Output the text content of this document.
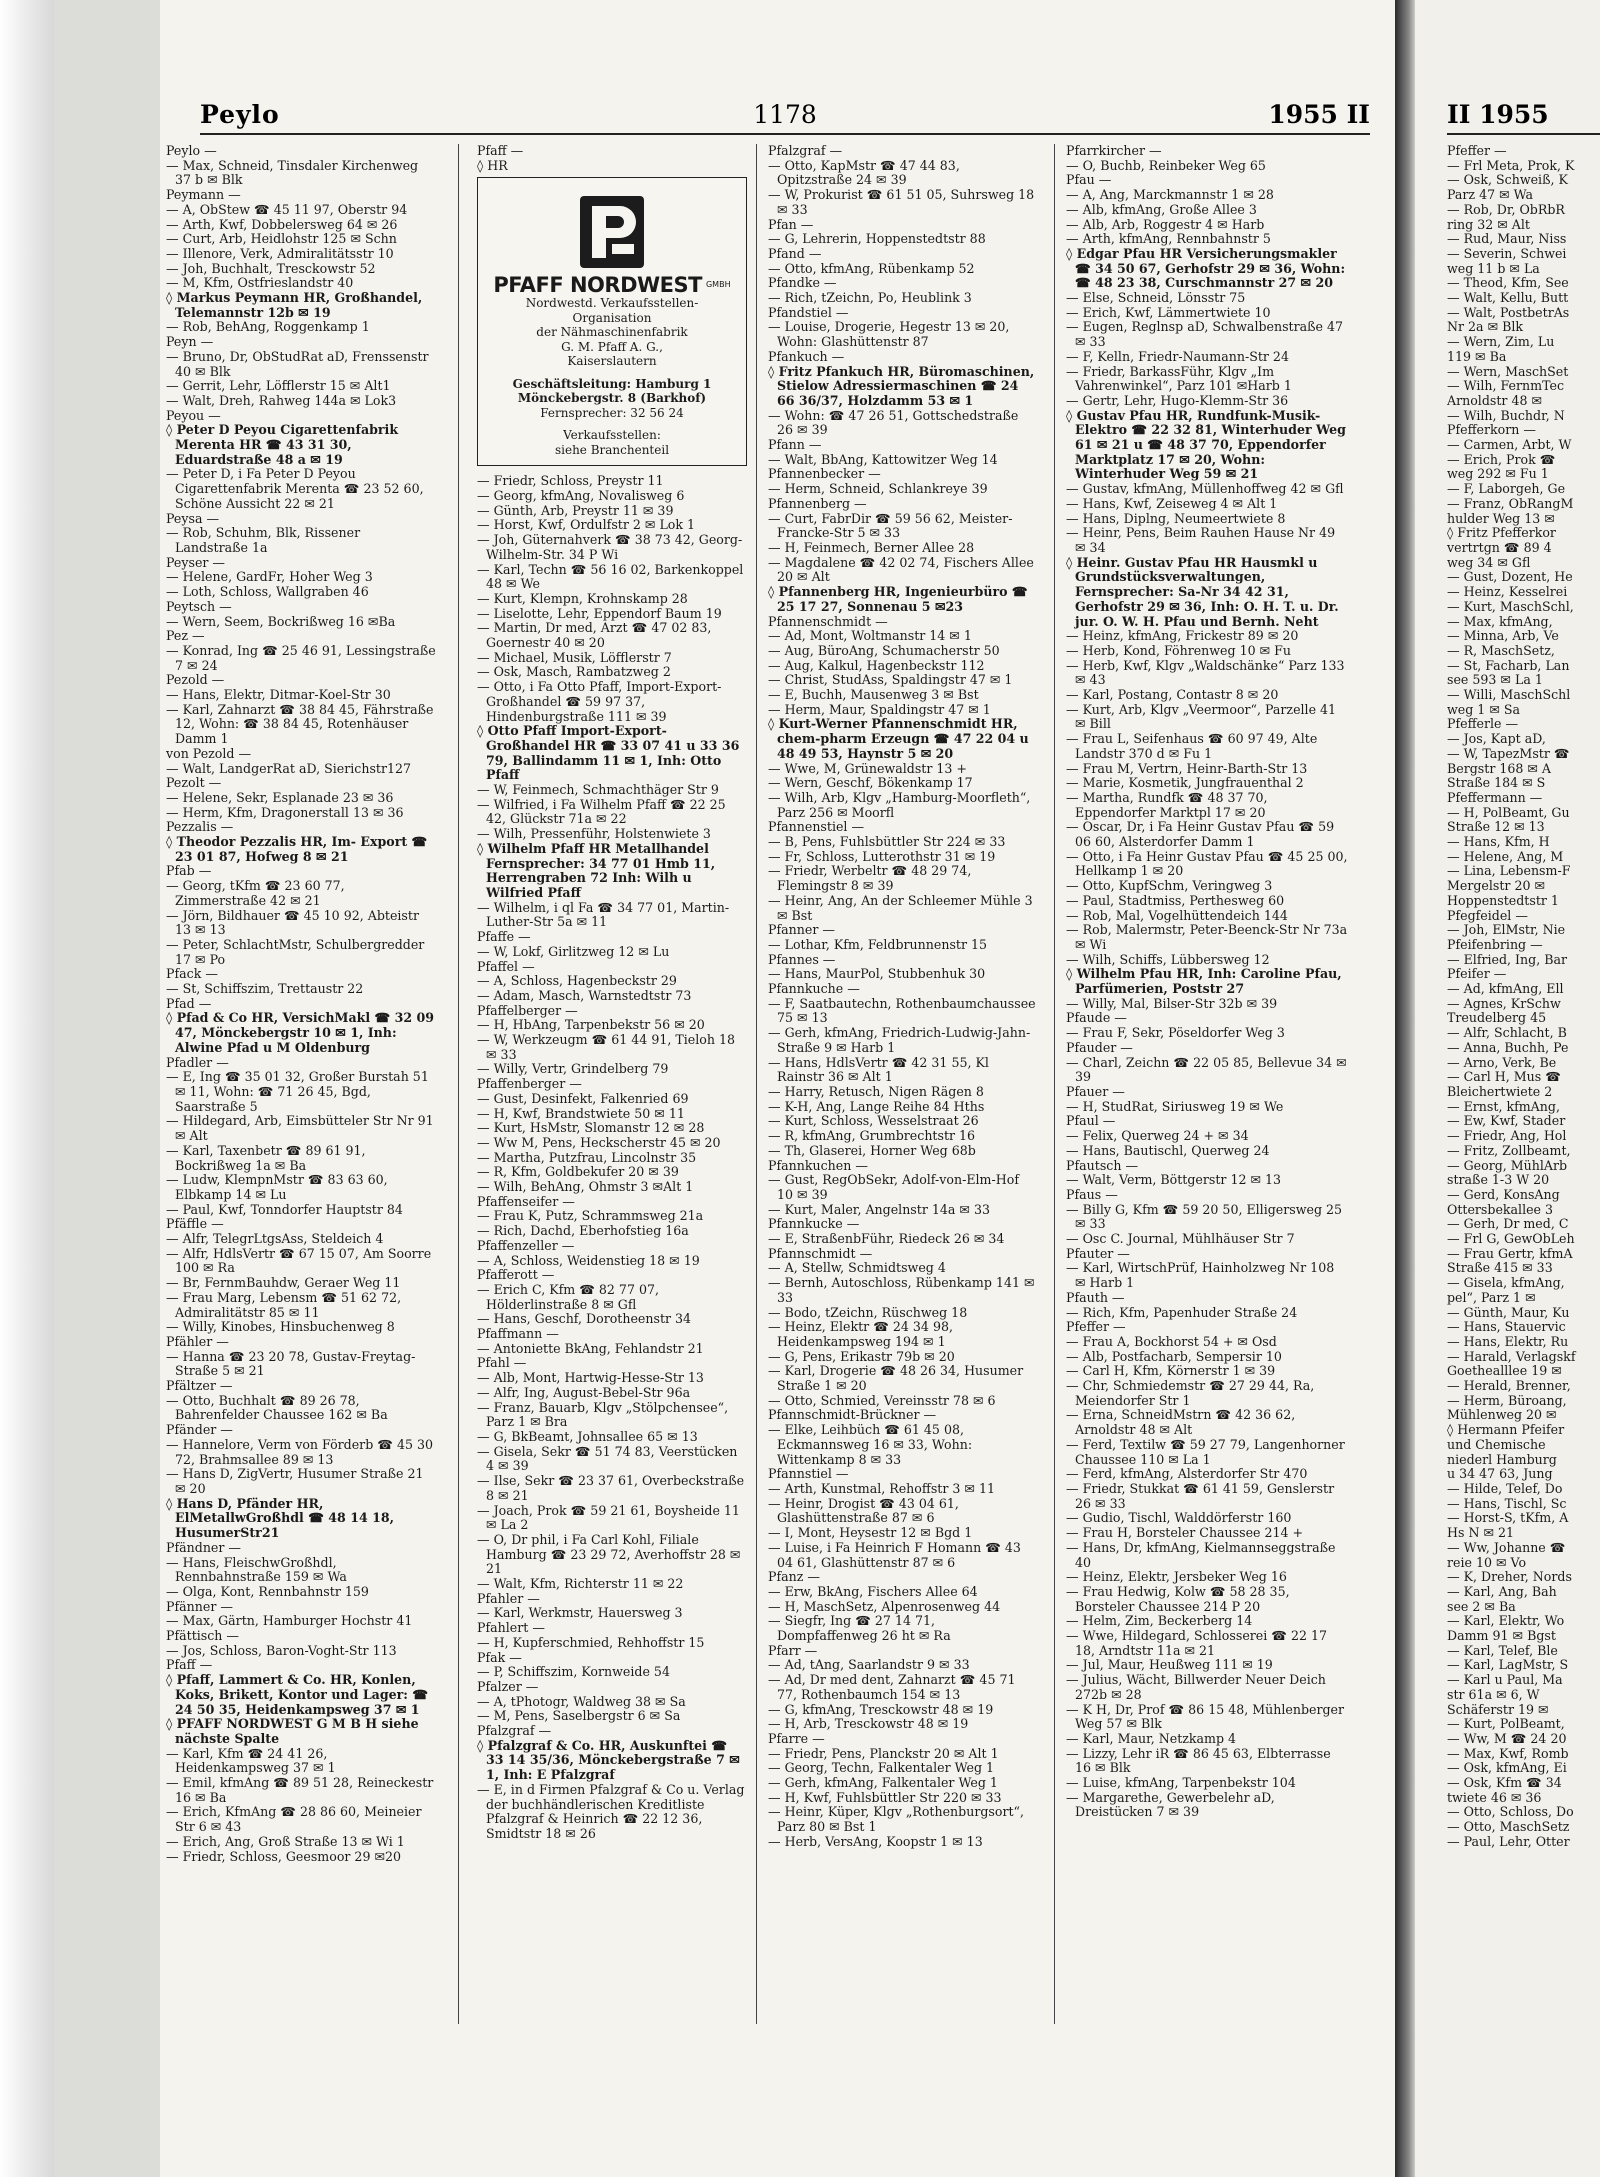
Peylo	1178	1955 II

Peylo —

— Max, Schneid, Tinsdaler Kirchenweg 37 b ✉ Blk

Peymann —

— A, ObStew ☎ 45 11 97, Oberstr 94

— Arth, Kwf, Dobbelersweg 64 ✉ 26

— Curt, Arb, Heidlohstr 125 ✉ Schn

— Illenore, Verk, Admiralitätsstr 10

— Joh, Buchhalt, Tresckowstr 52

— M, Kfm, Ostfrieslandstr 40

◊ Markus Peymann HR, Großhandel, Telemannstr 12b ✉ 19

— Rob, BehAng, Roggenkamp 1

Peyn —

— Bruno, Dr, ObStudRat aD, Frenssenstr 40 ✉ Blk

— Gerrit, Lehr, Löfflerstr 15 ✉ Alt1

— Walt, Dreh, Rahweg 144a ✉ Lok3

Peyou —

◊ Peter D Peyou Cigarettenfabrik Merenta HR ☎ 43 31 30, Eduardstraße 48 a ✉ 19

— Peter D, i Fa Peter D Peyou Cigarettenfabrik Merenta ☎ 23 52 60, Schöne Aussicht 22 ✉ 21

Peysa —

— Rob, Schuhm, Blk, Rissener Landstraße 1a

Peyser —

— Helene, GardFr, Hoher Weg 3

— Loth, Schloss, Wallgraben 46

Peytsch —

— Wern, Seem, Bockrißweg 16 ✉Ba

Pez —

— Konrad, Ing ☎ 25 46 91, Lessingstraße 7 ✉ 24

Pezold —

— Hans, Elektr, Ditmar-Koel-Str 30

— Karl, Zahnarzt ☎ 38 84 45, Fährstraße 12, Wohn: ☎ 38 84 45, Rotenhäuser Damm 1

von Pezold —

— Walt, LandgerRat aD, Sierichstr127

Pezolt —

— Helene, Sekr, Esplanade 23 ✉ 36

— Herm, Kfm, Dragonerstall 13 ✉ 36

Pezzalis —

◊ Theodor Pezzalis HR, Im- Export ☎ 23 01 87, Hofweg 8 ✉ 21

Pfab —

— Georg, tKfm ☎ 23 60 77, Zimmerstraße 42 ✉ 21

— Jörn, Bildhauer ☎ 45 10 92, Abteistr 13 ✉ 13

— Peter, SchlachtMstr, Schulbergredder 17 ✉ Po

Pfack —

— St, Schiffszim, Trettaustr 22

Pfad —

◊ Pfad & Co HR, VersichMakl ☎ 32 09 47, Mönckebergstr 10 ✉ 1, Inh: Alwine Pfad u M Oldenburg

Pfadler —

— E, Ing ☎ 35 01 32, Großer Burstah 51 ✉ 11, Wohn: ☎ 71 26 45, Bgd, Saarstraße 5

— Hildegard, Arb, Eimsbütteler Str Nr 91 ✉ Alt

— Karl, Taxenbetr ☎ 89 61 91, Bockrißweg 1a ✉ Ba

— Ludw, KlempnMstr ☎ 83 63 60, Elbkamp 14 ✉ Lu

— Paul, Kwf, Tonndorfer Hauptstr 84

Pfäffle —

— Alfr, TelegrLtgsAss, Steldeich 4

— Alfr, HdlsVertr ☎ 67 15 07, Am Soorre 100 ✉ Ra

— Br, FernmBauhdw, Geraer Weg 11

— Frau Marg, Lebensm ☎ 51 62 72, Admiralitätstr 85 ✉ 11

— Willy, Kinobes, Hinsbuchenweg 8

Pfähler —

— Hanna ☎ 23 20 78, Gustav-Freytag-Straße 5 ✉ 21

Pfältzer —

— Otto, Buchhalt ☎ 89 26 78, Bahrenfelder Chaussee 162 ✉ Ba

Pfänder —

— Hannelore, Verm von Förderb ☎ 45 30 72, Brahmsallee 89 ✉ 13

— Hans D, ZigVertr, Husumer Straße 21 ✉ 20

◊ Hans D, Pfänder HR, ElMetallwGroßhdl ☎ 48 14 18, HusumerStr21

Pfändner —

— Hans, FleischwGroßhdl, Rennbahnstraße 159 ✉ Wa

— Olga, Kont, Rennbahnstr 159

Pfänner —

— Max, Gärtn, Hamburger Hochstr 41

Pfättisch —

— Jos, Schloss, Baron-Voght-Str 113

Pfaff —

◊ Pfaff, Lammert & Co. HR, Konlen, Koks, Brikett, Kontor und Lager: ☎ 24 50 35, Heidenkampsweg 37 ✉ 1

◊ PFAFF NORDWEST G M B H siehe nächste Spalte

— Karl, Kfm ☎ 24 41 26, Heidenkampsweg 37 ✉ 1

— Emil, kfmAng ☎ 89 51 28, Reineckestr 16 ✉ Ba

— Erich, KfmAng ☎ 28 86 60, Meineier Str 6 ✉ 43

— Erich, Ang, Groß Straße 13 ✉ Wi 1

— Friedr, Schloss, Geesmoor 29 ✉20

Pfaff —

◊ HR

PFAFF NORDWEST $^{GMBH}$
Nordwestd. Verkaufsstellen-
Organisation
der Nähmaschinenfabrik
G. M. Pfaff A. G.,
Kaiserslautern
Geschäftsleitung: Hamburg 1
Mönckebergstr. 8 (Barkhof)
Fernsprecher: 32 56 24
Verkaufsstellen:
siehe Branchenteil

— Friedr, Schloss, Preystr 11

— Georg, kfmAng, Novalisweg 6

— Günth, Arb, Preystr 11 ✉ 39

— Horst, Kwf, Ordulfstr 2 ✉ Lok 1

— Joh, Güternahverk ☎ 38 73 42, Georg-Wilhelm-Str. 34 P Wi

— Karl, Techn ☎ 56 16 02, Barkenkoppel 48 ✉ We

— Kurt, Klempn, Krohnskamp 28

— Liselotte, Lehr, Eppendorf Baum 19

— Martin, Dr med, Arzt ☎ 47 02 83, Goernestr 40 ✉ 20

— Michael, Musik, Löfflerstr 7

— Osk, Masch, Rambatzweg 2

— Otto, i Fa Otto Pfaff, Import-Export-Großhandel ☎ 59 97 37, Hindenburgstraße 111 ✉ 39

◊ Otto Pfaff Import-Export-Großhandel HR ☎ 33 07 41 u 33 36 79, Ballindamm 11 ✉ 1, Inh: Otto Pfaff

— W, Feinmech, Schmachthäger Str 9

— Wilfried, i Fa Wilhelm Pfaff ☎ 22 25 42, Glückstr 71a ✉ 22

— Wilh, Pressenführ, Holstenwiete 3

◊ Wilhelm Pfaff HR Metallhandel Fernsprecher: 34 77 01 Hmb 11, Herrengraben 72 Inh: Wilh u Wilfried Pfaff

— Wilhelm, i ql Fa ☎ 34 77 01, Martin-Luther-Str 5a ✉ 11

Pfaffe —

— W, Lokf, Girlitzweg 12 ✉ Lu

Pfaffel —

— A, Schloss, Hagenbeckstr 29

— Adam, Masch, Warnstedtstr 73

Pfaffelberger —

— H, HbAng, Tarpenbekstr 56 ✉ 20

— W, Werkzeugm ☎ 61 44 91, Tieloh 18 ✉ 33

— Willy, Vertr, Grindelberg 79

Pfaffenberger —

— Gust, Desinfekt, Falkenried 69

— H, Kwf, Brandstwiete 50 ✉ 11

— Kurt, HsMstr, Slomanstr 12 ✉ 28

— Ww M, Pens, Heckscherstr 45 ✉ 20

— Martha, Putzfrau, Lincolnstr 35

— R, Kfm, Goldbekufer 20 ✉ 39

— Wilh, BehAng, Ohmstr 3 ✉Alt 1

Pfaffenseifer —

— Frau K, Putz, Schrammsweg 21a

— Rich, Dachd, Eberhofstieg 16a

Pfaffenzeller —

— A, Schloss, Weidenstieg 18 ✉ 19

Pfafferott —

— Erich C, Kfm ☎ 82 77 07, Hölderlinstraße 8 ✉ Gfl

— Hans, Geschf, Dorotheenstr 34

Pfaffmann —

— Antoniette BkAng, Fehlandstr 21

Pfahl —

— Alb, Mont, Hartwig-Hesse-Str 13

— Alfr, Ing, August-Bebel-Str 96a

— Franz, Bauarb, Klgv „Stölpchensee“, Parz 1 ✉ Bra

— G, BkBeamt, Johnsallee 65 ✉ 13

— Gisela, Sekr ☎ 51 74 83, Veerstücken 4 ✉ 39

— Ilse, Sekr ☎ 23 37 61, Overbeckstraße 8 ✉ 21

— Joach, Prok ☎ 59 21 61, Boysheide 11 ✉ La 2

— O, Dr phil, i Fa Carl Kohl, Filiale Hamburg ☎ 23 29 72, Averhoffstr 28 ✉ 21

— Walt, Kfm, Richterstr 11 ✉ 22

Pfahler —

— Karl, Werkmstr, Hauersweg 3

Pfahlert —

— H, Kupferschmied, Rehhoffstr 15

Pfak —

— P, Schiffszim, Kornweide 54

Pfalzer —

— A, tPhotogr, Waldweg 38 ✉ Sa

— M, Pens, Saselbergstr 6 ✉ Sa

Pfalzgraf —

◊ Pfalzgraf & Co. HR, Auskunftei ☎ 33 14 35/36, Mönckebergstraße 7 ✉ 1, Inh: E Pfalzgraf

— E, in d Firmen Pfalzgraf & Co u. Verlag der buchhändlerischen Kreditliste Pfalzgraf & Heinrich ☎ 22 12 36, Smidtstr 18 ✉ 26

Pfalzgraf —

— Otto, KapMstr ☎ 47 44 83, Opitzstraße 24 ✉ 39

— W, Prokurist ☎ 61 51 05, Suhrsweg 18 ✉ 33

Pfan —

— G, Lehrerin, Hoppenstedtstr 88

Pfand —

— Otto, kfmAng, Rübenkamp 52

Pfandke —

— Rich, tZeichn, Po, Heublink 3

Pfandstiel —

— Louise, Drogerie, Hegestr 13 ✉ 20, Wohn: Glashüttenstr 87

Pfankuch —

◊ Fritz Pfankuch HR, Büromaschinen, Stielow Adressiermaschinen ☎ 24 66 36/37, Holzdamm 53 ✉ 1

— Wohn: ☎ 47 26 51, Gottschedstraße 26 ✉ 39

Pfann —

— Walt, BbAng, Kattowitzer Weg 14

Pfannenbecker —

— Herm, Schneid, Schlankreye 39

Pfannenberg —

— Curt, FabrDir ☎ 59 56 62, Meister-Francke-Str 5 ✉ 33

— H, Feinmech, Berner Allee 28

— Magdalene ☎ 42 02 74, Fischers Allee 20 ✉ Alt

◊ Pfannenberg HR, Ingenieurbüro ☎ 25 17 27, Sonnenau 5 ✉23

Pfannenschmidt —

— Ad, Mont, Woltmanstr 14 ✉ 1

— Aug, BüroAng, Schumacherstr 50

— Aug, Kalkul, Hagenbeckstr 112

— Christ, StudAss, Spaldingstr 47 ✉ 1

— E, Buchh, Mausenweg 3 ✉ Bst

— Herm, Maur, Spaldingstr 47 ✉ 1

◊ Kurt-Werner Pfannenschmidt HR, chem-pharm Erzeugn ☎ 47 22 04 u 48 49 53, Haynstr 5 ✉ 20

— Wwe, M, Grünewaldstr 13 +

— Wern, Geschf, Bökenkamp 17

— Wilh, Arb, Klgv „Hamburg-Moorfleth“, Parz 256 ✉ Moorfl

Pfannenstiel —

— B, Pens, Fuhlsbüttler Str 224 ✉ 33

— Fr, Schloss, Lutterothstr 31 ✉ 19

— Friedr, Werbeltr ☎ 48 29 74, Flemingstr 8 ✉ 39

— Heinr, Ang, An der Schleemer Mühle 3 ✉ Bst

Pfanner —

— Lothar, Kfm, Feldbrunnenstr 15

Pfannes —

— Hans, MaurPol, Stubbenhuk 30

Pfannkuche —

— F, Saatbautechn, Rothenbaumchaussee 75 ✉ 13

— Gerh, kfmAng, Friedrich-Ludwig-Jahn-Straße 9 ✉ Harb 1

— Hans, HdlsVertr ☎ 42 31 55, Kl Rainstr 36 ✉ Alt 1

— Harry, Retusch, Nigen Rägen 8

— K-H, Ang, Lange Reihe 84 Hths

— Kurt, Schloss, Wesselstraat 26

— R, kfmAng, Grumbrechtstr 16

— Th, Glaserei, Horner Weg 68b

Pfannkuchen —

— Gust, RegObSekr, Adolf-von-Elm-Hof 10 ✉ 39

— Kurt, Maler, Angelnstr 14a ✉ 33

Pfannkucke —

— E, StraßenbFühr, Riedeck 26 ✉ 34

Pfannschmidt —

— A, Stellw, Schmidtsweg 4

— Bernh, Autoschloss, Rübenkamp 141 ✉ 33

— Bodo, tZeichn, Rüschweg 18

— Heinz, Elektr ☎ 24 34 98, Heidenkampsweg 194 ✉ 1

— G, Pens, Erikastr 79b ✉ 20

— Karl, Drogerie ☎ 48 26 34, Husumer Straße 1 ✉ 20

— Otto, Schmied, Vereinsstr 78 ✉ 6

Pfannschmidt-Brückner —

— Elke, Leihbüch ☎ 61 45 08, Eckmannsweg 16 ✉ 33, Wohn: Wittenkamp 8 ✉ 33

Pfannstiel —

— Arth, Kunstmal, Rehoffstr 3 ✉ 11

— Heinr, Drogist ☎ 43 04 61, Glashüttenstraße 87 ✉ 6

— I, Mont, Heysestr 12 ✉ Bgd 1

— Luise, i Fa Heinrich F Homann ☎ 43 04 61, Glashüttenstr 87 ✉ 6

Pfanz —

— Erw, BkAng, Fischers Allee 64

— H, MaschSetz, Alpenrosenweg 44

— Siegfr, Ing ☎ 27 14 71, Dompfaffenweg 26 ht ✉ Ra

Pfarr —

— Ad, tAng, Saarlandstr 9 ✉ 33

— Ad, Dr med dent, Zahnarzt ☎ 45 71 77, Rothenbaumch 154 ✉ 13

— G, kfmAng, Tresckowstr 48 ✉ 19

— H, Arb, Tresckowstr 48 ✉ 19

Pfarre —

— Friedr, Pens, Planckstr 20 ✉ Alt 1

— Georg, Techn, Falkentaler Weg 1

— Gerh, kfmAng, Falkentaler Weg 1

— H, Kwf, Fuhlsbüttler Str 220 ✉ 33

— Heinr, Küper, Klgv „Rothenburgsort“, Parz 80 ✉ Bst 1

— Herb, VersAng, Koopstr 1 ✉ 13

Pfarrkircher —

— O, Buchb, Reinbeker Weg 65

Pfau —

— A, Ang, Marckmannstr 1 ✉ 28

— Alb, kfmAng, Große Allee 3

— Alb, Arb, Roggestr 4 ✉ Harb

— Arth, kfmAng, Rennbahnstr 5

◊ Edgar Pfau HR Versicherungsmakler ☎ 34 50 67, Gerhofstr 29 ✉ 36, Wohn: ☎ 48 23 38, Curschmannstr 27 ✉ 20

— Else, Schneid, Lönsstr 75

— Erich, Kwf, Lämmertwiete 10

— Eugen, Reglnsp aD, Schwalbenstraße 47 ✉ 33

— F, Kelln, Friedr-Naumann-Str 24

— Friedr, BarkassFühr, Klgv „Im Vahrenwinkel“, Parz 101 ✉Harb 1

— Gertr, Lehr, Hugo-Klemm-Str 36

◊ Gustav Pfau HR, Rundfunk-Musik-Elektro ☎ 22 32 81, Winterhuder Weg 61 ✉ 21 u ☎ 48 37 70, Eppendorfer Marktplatz 17 ✉ 20, Wohn: Winterhuder Weg 59 ✉ 21

— Gustav, kfmAng, Müllenhoffweg 42 ✉ Gfl

— Hans, Kwf, Zeiseweg 4 ✉ Alt 1

— Hans, Diplng, Neumeertwiete 8

— Heinr, Pens, Beim Rauhen Hause Nr 49 ✉ 34

◊ Heinr. Gustav Pfau HR Hausmkl u Grundstücksverwaltungen, Fernsprecher: Sa-Nr 34 42 31, Gerhofstr 29 ✉ 36, Inh: O. H. T. u. Dr. jur. O. W. H. Pfau und Bernh. Neht

— Heinz, kfmAng, Frickestr 89 ✉ 20

— Herb, Kond, Föhrenweg 10 ✉ Fu

— Herb, Kwf, Klgv „Waldschänke“ Parz 133 ✉ 43

— Karl, Postang, Contastr 8 ✉ 20

— Kurt, Arb, Klgv „Veermoor“, Parzelle 41 ✉ Bill

— Frau L, Seifenhaus ☎ 60 97 49, Alte Landstr 370 d ✉ Fu 1

— Frau M, Vertrn, Heinr-Barth-Str 13

— Marie, Kosmetik, Jungfrauenthal 2

— Martha, Rundfk ☎ 48 37 70, Eppendorfer Marktpl 17 ✉ 20

— Oscar, Dr, i Fa Heinr Gustav Pfau ☎ 59 06 60, Alsterdorfer Damm 1

— Otto, i Fa Heinr Gustav Pfau ☎ 45 25 00, Hellkamp 1 ✉ 20

— Otto, KupfSchm, Veringweg 3

— Paul, Stadtmiss, Perthesweg 60

— Rob, Mal, Vogelhüttendeich 144

— Rob, Malermstr, Peter-Beenck-Str Nr 73a ✉ Wi

— Wilh, Schiffs, Lübbersweg 12

◊ Wilhelm Pfau HR, Inh: Caroline Pfau, Parfümerien, Poststr 27

— Willy, Mal, Bilser-Str 32b ✉ 39

Pfaude —

— Frau F, Sekr, Pöseldorfer Weg 3

Pfauder —

— Charl, Zeichn ☎ 22 05 85, Bellevue 34 ✉ 39

Pfauer —

— H, StudRat, Siriusweg 19 ✉ We

Pfaul —

— Felix, Querweg 24 + ✉ 34

— Hans, Bautischl, Querweg 24

Pfautsch —

— Walt, Verm, Böttgerstr 12 ✉ 13

Pfaus —

— Billy G, Kfm ☎ 59 20 50, Elligersweg 25 ✉ 33

— Osc C. Journal, Mühlhäuser Str 7

Pfauter —

— Karl, WirtschPrüf, Hainholzweg Nr 108 ✉ Harb 1

Pfauth —

— Rich, Kfm, Papenhuder Straße 24

Pfeffer —

— Frau A, Bockhorst 54 + ✉ Osd

— Alb, Postfacharb, Sempersir 10

— Carl H, Kfm, Körnerstr 1 ✉ 39

— Chr, Schmiedemstr ☎ 27 29 44, Ra, Meiendorfer Str 1

— Erna, SchneidMstrn ☎ 42 36 62, Arnoldstr 48 ✉ Alt

— Ferd, Textilw ☎ 59 27 79, Langenhorner Chaussee 110 ✉ La 1

— Ferd, kfmAng, Alsterdorfer Str 470

— Friedr, Stukkat ☎ 61 41 59, Genslerstr 26 ✉ 33

— Gudio, Tischl, Walddörferstr 160

— Frau H, Borsteler Chaussee 214 +

— Hans, Dr, kfmAng, Kielmannseggstraße 40

— Heinz, Elektr, Jersbeker Weg 16

— Frau Hedwig, Kolw ☎ 58 28 35, Borsteler Chaussee 214 P 20

— Helm, Zim, Beckerberg 14

— Wwe, Hildegard, Schlosserei ☎ 22 17 18, Arndtstr 11a ✉ 21

— Jul, Maur, Heußweg 111 ✉ 19

— Julius, Wächt, Billwerder Neuer Deich 272b ✉ 28

— K H, Dr, Prof ☎ 86 15 48, Mühlenberger Weg 57 ✉ Blk

— Karl, Maur, Netzkamp 4

— Lizzy, Lehr iR ☎ 86 45 63, Elbterrasse 16 ✉ Blk

— Luise, kfmAng, Tarpenbekstr 104

— Margarethe, Gewerbelehr aD, Dreistücken 7 ✉ 39

II 1955
Pfeffer —
— Frl Meta, Prok, K
— Osk, Schweiß, K
Parz 47 ✉ Wa
— Rob, Dr, ObRbR
ring 32 ✉ Alt
— Rud, Maur, Niss
— Severin, Schwei
weg 11 b ✉ La
— Theod, Kfm, See
— Walt, Kellu, Butt
— Walt, PostbetrAs
Nr 2a ✉ Blk
— Wern, Zim, Lu
119 ✉ Ba
— Wern, MaschSet
— Wilh, FernmTec
Arnoldstr 48 ✉
— Wilh, Buchdr, N
Pfefferkorn —
— Carmen, Arbt, W
— Erich, Prok ☎
weg 292 ✉ Fu 1
— F, Laborgeh, Ge
— Franz, ObRangM
hulder Weg 13 ✉
◊ Fritz Pfefferkor
vertrtgn ☎ 89 4
weg 34 ✉ Gfl
— Gust, Dozent, He
— Heinz, Kesselrei
— Kurt, MaschSchl,
— Max, kfmAng,
— Minna, Arb, Ve
— R, MaschSetz,
— St, Facharb, Lan
see 593 ✉ La 1
— Willi, MaschSchl
weg 1 ✉ Sa
Pfefferle —
— Jos, Kapt aD,
— W, TapezMstr ☎
Bergstr 168 ✉ A
Straße 184 ✉ S
Pfeffermann —
— H, PolBeamt, Gu
Straße 12 ✉ 13
— Hans, Kfm, H
— Helene, Ang, M
— Lina, Lebensm-F
Mergelstr 20 ✉
Hoppenstedtstr 1
Pfegfeidel —
— Joh, ElMstr, Nie
Pfeifenbring —
— Elfried, Ing, Bar
Pfeifer —
— Ad, kfmAng, Ell
— Agnes, KrSchw
Treudelberg 45
— Alfr, Schlacht, B
— Anna, Buchh, Pe
— Arno, Verk, Be
— Carl H, Mus ☎
Bleichertwiete 2
— Ernst, kfmAng,
— Ew, Kwf, Stader
— Friedr, Ang, Hol
— Fritz, Zollbeamt,
— Georg, MühlArb
straße 1-3 W 20
— Gerd, KonsAng
Ottersbekallee 3
— Gerh, Dr med, C
— Frl G, GewObLeh
— Frau Gertr, kfmA
Straße 415 ✉ 33
— Gisela, kfmAng,
pel“, Parz 1 ✉
— Günth, Maur, Ku
— Hans, Stauervic
— Hans, Elektr, Ru
— Harald, Verlagskf
Goethealllee 19 ✉
— Herald, Brenner,
— Herm, Büroang,
Mühlenweg 20 ✉
◊ Hermann Pfeifer
und Chemische
niederl Hamburg
u 34 47 63, Jung
— Hilde, Telef, Do
— Hans, Tischl, Sc
— Horst-S, tKfm, A
Hs N ✉ 21
— Ww, Johanne ☎
reie 10 ✉ Vo
— K, Dreher, Nords
— Karl, Ang, Bah
see 2 ✉ Ba
— Karl, Elektr, Wo
Damm 91 ✉ Bgst
— Karl, Telef, Ble
— Karl, LagMstr, S
— Karl u Paul, Ma
str 61a ✉ 6, W
Schäferstr 19 ✉
— Kurt, PolBeamt,
— Ww, M ☎ 24 20
— Max, Kwf, Romb
— Osk, kfmAng, Ei
— Osk, Kfm ☎ 34
twiete 46 ✉ 36
— Otto, Schloss, Do
— Otto, MaschSetz
— Paul, Lehr, Otter
